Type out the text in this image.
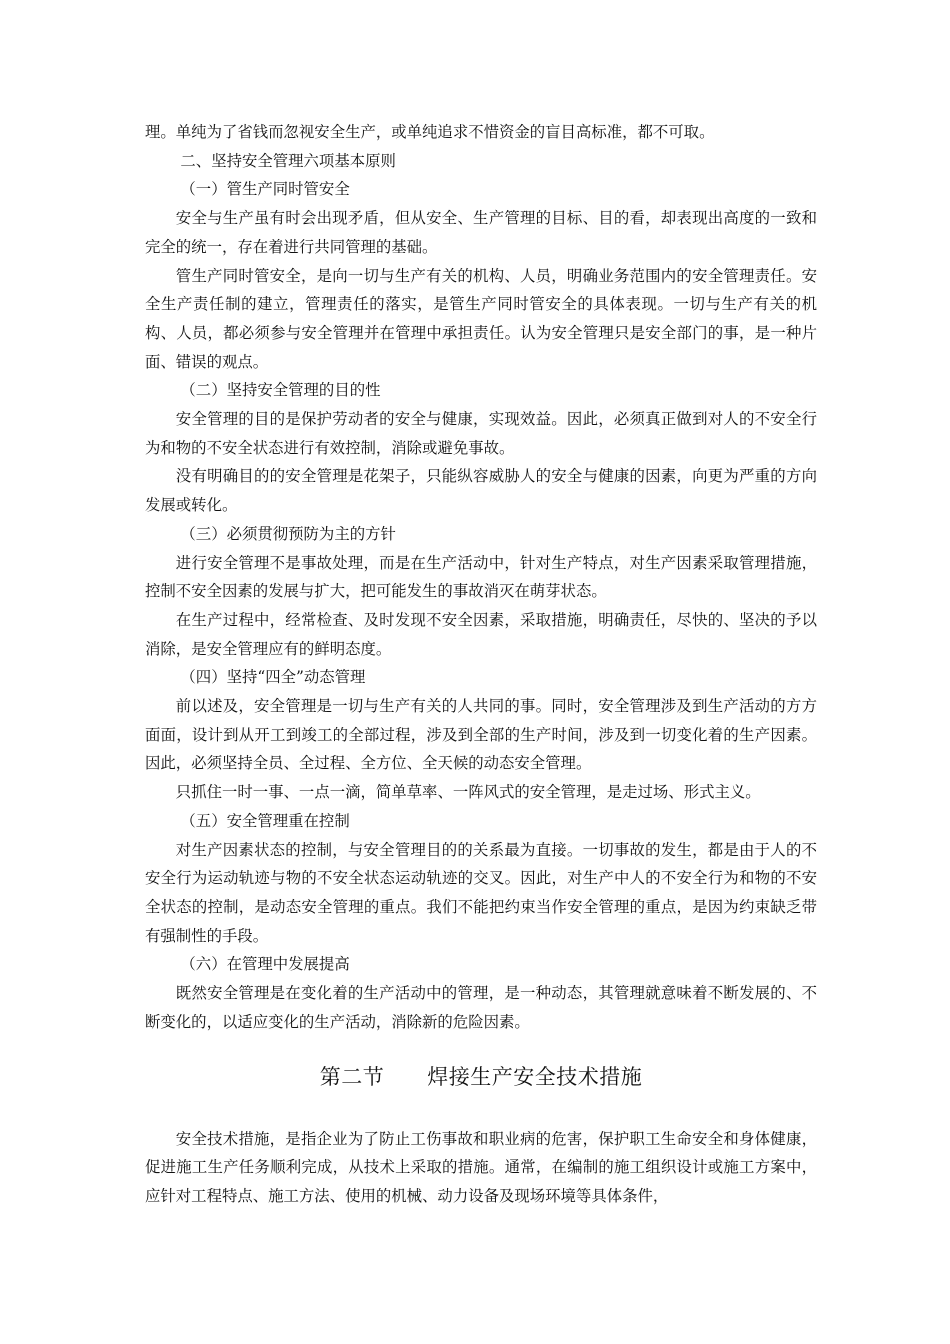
理。单纯为了省钱而忽视安全生产，或单纯追求不惜资金的盲目高标准，都不可取。

二、坚持安全管理六项基本原则

（一）管生产同时管安全

安全与生产虽有时会出现矛盾，但从安全、生产管理的目标、目的看，却表现出高度的一致和完全的统一，存在着进行共同管理的基础。

管生产同时管安全，是向一切与生产有关的机构、人员，明确业务范围内的安全管理责任。安全生产责任制的建立，管理责任的落实，是管生产同时管安全的具体表现。一切与生产有关的机构、人员，都必须参与安全管理并在管理中承担责任。认为安全管理只是安全部门的事，是一种片面、错误的观点。

（二）坚持安全管理的目的性

安全管理的目的是保护劳动者的安全与健康，实现效益。因此，必须真正做到对人的不安全行为和物的不安全状态进行有效控制，消除或避免事故。

没有明确目的的安全管理是花架子，只能纵容威胁人的安全与健康的因素，向更为严重的方向发展或转化。

（三）必须贯彻预防为主的方针

进行安全管理不是事故处理，而是在生产活动中，针对生产特点，对生产因素采取管理措施，控制不安全因素的发展与扩大，把可能发生的事故消灭在萌芽状态。

在生产过程中，经常检查、及时发现不安全因素，采取措施，明确责任，尽快的、坚决的予以消除，是安全管理应有的鲜明态度。

（四）坚持“四全”动态管理

前以述及，安全管理是一切与生产有关的人共同的事。同时，安全管理涉及到生产活动的方方面面，设计到从开工到竣工的全部过程，涉及到全部的生产时间，涉及到一切变化着的生产因素。因此，必须坚持全员、全过程、全方位、全天候的动态安全管理。

只抓住一时一事、一点一滴，简单草率、一阵风式的安全管理，是走过场、形式主义。

（五）安全管理重在控制

对生产因素状态的控制，与安全管理目的的关系最为直接。一切事故的发生，都是由于人的不安全行为运动轨迹与物的不安全状态运动轨迹的交叉。因此，对生产中人的不安全行为和物的不安全状态的控制，是动态安全管理的重点。我们不能把约束当作安全管理的重点，是因为约束缺乏带有强制性的手段。

（六）在管理中发展提高

既然安全管理是在变化着的生产活动中的管理，是一种动态，其管理就意味着不断发展的、不断变化的，以适应变化的生产活动，消除新的危险因素。

第二节      焊接生产安全技术措施

安全技术措施，是指企业为了防止工伤事故和职业病的危害，保护职工生命安全和身体健康，促进施工生产任务顺利完成，从技术上采取的措施。通常，在编制的施工组织设计或施工方案中，应针对工程特点、施工方法、使用的机械、动力设备及现场环境等具体条件，
